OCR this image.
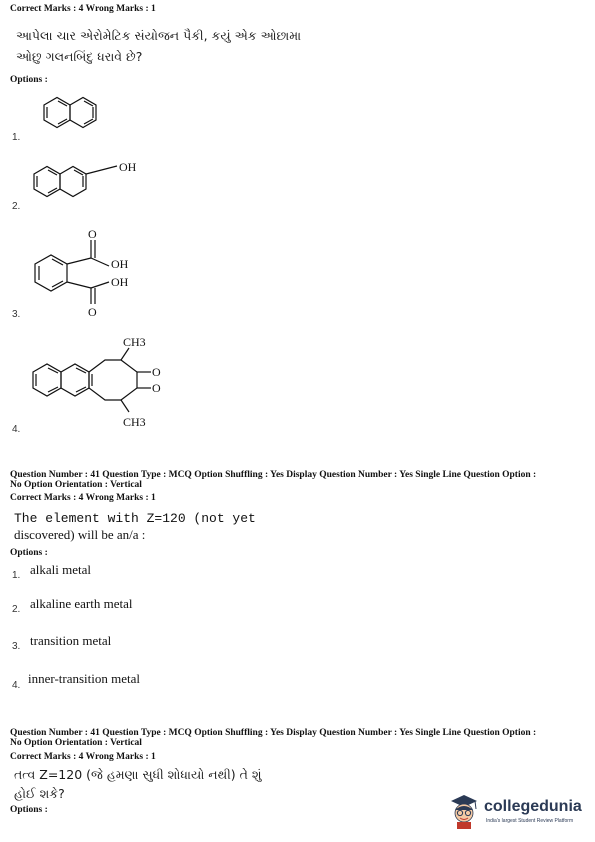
Correct Marks : 4 Wrong Marks : 1
આપેલા ચાર એરોમેટિક સંયોજન પૈકી, કયું એક ઓછામા
ઓછુ ગલનબિંદુ ધરાવે છે?
Options :
1.
2.
OH
3.
O
OH
OH
O
4.
CH3
O
O
CH3
Question Number : 41 Question Type : MCQ Option Shuffling : Yes Display Question Number : Yes Single Line Question Option :
No Option Orientation : Vertical
Correct Marks : 4 Wrong Marks : 1
The element with Z=120 (not yet
discovered) will be an/a :
Options :
1. alkali metal
2. alkaline earth metal
3. transition metal
4. inner-transition metal
Question Number : 41 Question Type : MCQ Option Shuffling : Yes Display Question Number : Yes Single Line Question Option :
No Option Orientation : Vertical
Correct Marks : 4 Wrong Marks : 1
તત્વ Z=120 (જે હમણા સુધી શોધાયો નથી) તે શું
હોઈ શકે?
Options :	collegedunia
India's largest Student Review Platform
